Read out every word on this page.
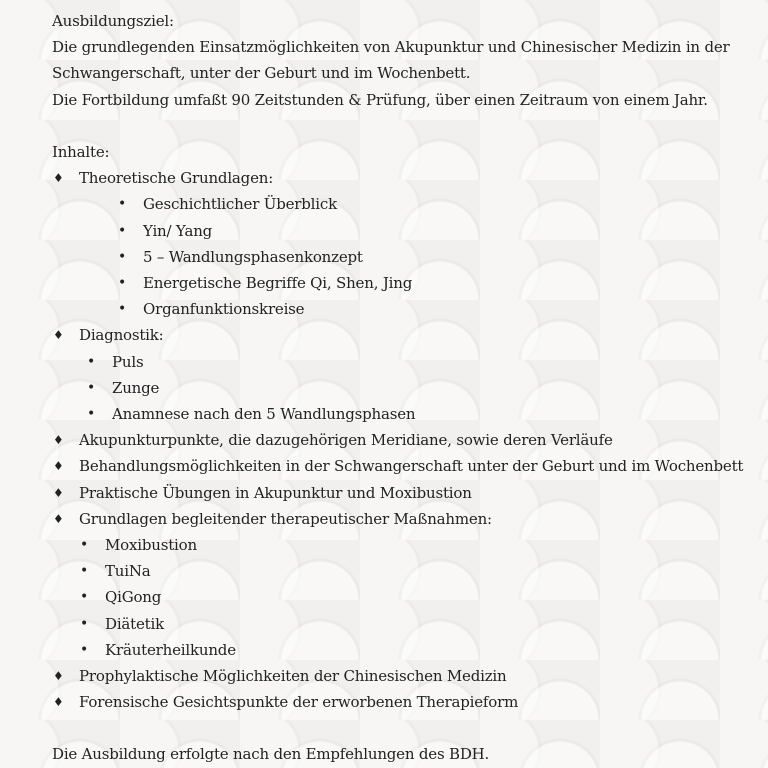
Ausbildungsziel:
Die grundlegenden Einsatzmöglichkeiten von Akupunktur und Chinesischer Medizin in der
Schwangerschaft, unter der Geburt und im Wochenbett.
Die Fortbildung umfaßt 90 Zeitstunden & Prüfung, über einen Zeitraum von einem Jahr.
Inhalte:
♦ Theoretische Grundlagen:
• Geschichtlicher Überblick
• Yin/ Yang
• 5 – Wandlungsphasenkonzept
• Energetische Begriffe Qi, Shen, Jing
• Organfunktionskreise
♦ Diagnostik:
• Puls
• Zunge
• Anamnese nach den 5 Wandlungsphasen
♦ Akupunkturpunkte, die dazugehörigen Meridiane, sowie deren Verläufe
♦ Behandlungsmöglichkeiten in der Schwangerschaft unter der Geburt und im Wochenbett
♦ Praktische Übungen in Akupunktur und Moxibustion
♦ Grundlagen begleitender therapeutischer Maßnahmen:
• Moxibustion
• TuiNa
• QiGong
• Diätetik
• Kräuterheilkunde
♦ Prophylaktische Möglichkeiten der Chinesischen Medizin
♦ Forensische Gesichtspunkte der erworbenen Therapieform
Die Ausbildung erfolgte nach den Empfehlungen des BDH.
